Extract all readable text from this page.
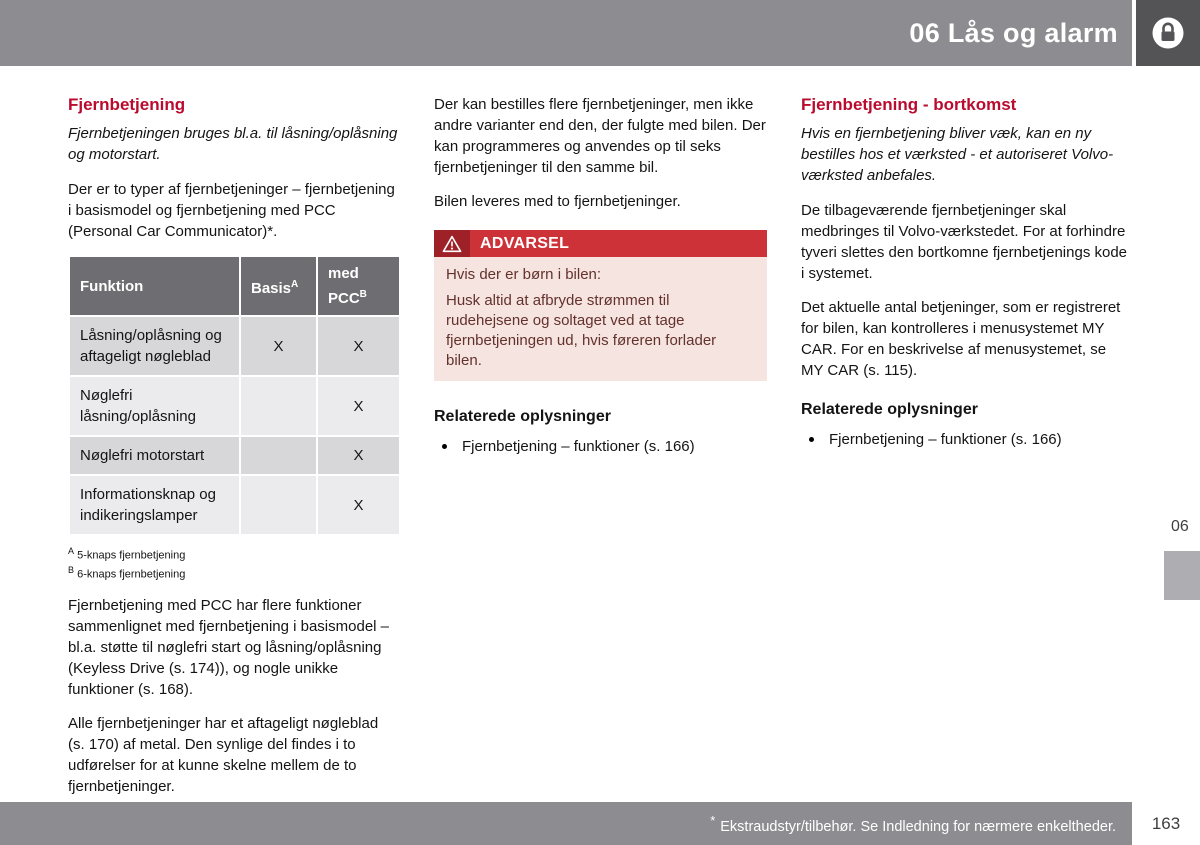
06 Lås og alarm
Fjernbetjening

Fjernbetjeningen bruges bl.a. til låsning/oplåsning og motorstart.

Der er to typer af fjernbetjeninger – fjernbetjening i basismodel og fjernbetjening med PCC (Personal Car Communicator)*.

Funktion	Basis$^A$	med $PCC^B$
Låsning/oplåsning og aftageligt nøgleblad	X	X
Nøglefri låsning/oplåsning		X
Nøglefri motorstart		X
Informationsknap og indikeringslamper		X
$^A$ 5-knaps fjernbetjening
$^B$ 6-knaps fjernbetjening

Fjernbetjening med PCC har flere funktioner sammenlignet med fjernbetjening i basismodel – bl.a. støtte til nøglefri start og låsning/oplåsning (Keyless Drive (s. 174)), og nogle unikke funktioner (s. 168).

Alle fjernbetjeninger har et aftageligt nøgleblad (s. 170) af metal. Den synlige del findes i to udførelser for at kunne skelne mellem de to fjernbetjeninger.

Der kan bestilles flere fjernbetjeninger, men ikke andre varianter end den, der fulgte med bilen. Der kan programmeres og anvendes op til seks fjernbetjeninger til den samme bil.

Bilen leveres med to fjernbetjeninger.

ADVARSEL

Hvis der er børn i bilen:

Husk altid at afbryde strømmen til rudehejsene og soltaget ved at tage fjernbetjeningen ud, hvis føreren forlader bilen.

Relaterede oplysninger
Fjernbetjening – funktioner (s. 166)
Fjernbetjening - bortkomst

Hvis en fjernbetjening bliver væk, kan en ny bestilles hos et værksted - et autoriseret Volvo-værksted anbefales.

De tilbageværende fjernbetjeninger skal medbringes til Volvo-værkstedet. For at forhindre tyveri slettes den bortkomne fjernbetjenings kode i systemet.

Det aktuelle antal betjeninger, som er registreret for bilen, kan kontrolleres i menusystemet MY CAR. For en beskrivelse af menusystemet, se MY CAR (s. 115).

Relaterede oplysninger
Fjernbetjening – funktioner (s. 166)
06
* Ekstraudstyr/tilbehør. Se Indledning for nærmere enkeltheder.	163
